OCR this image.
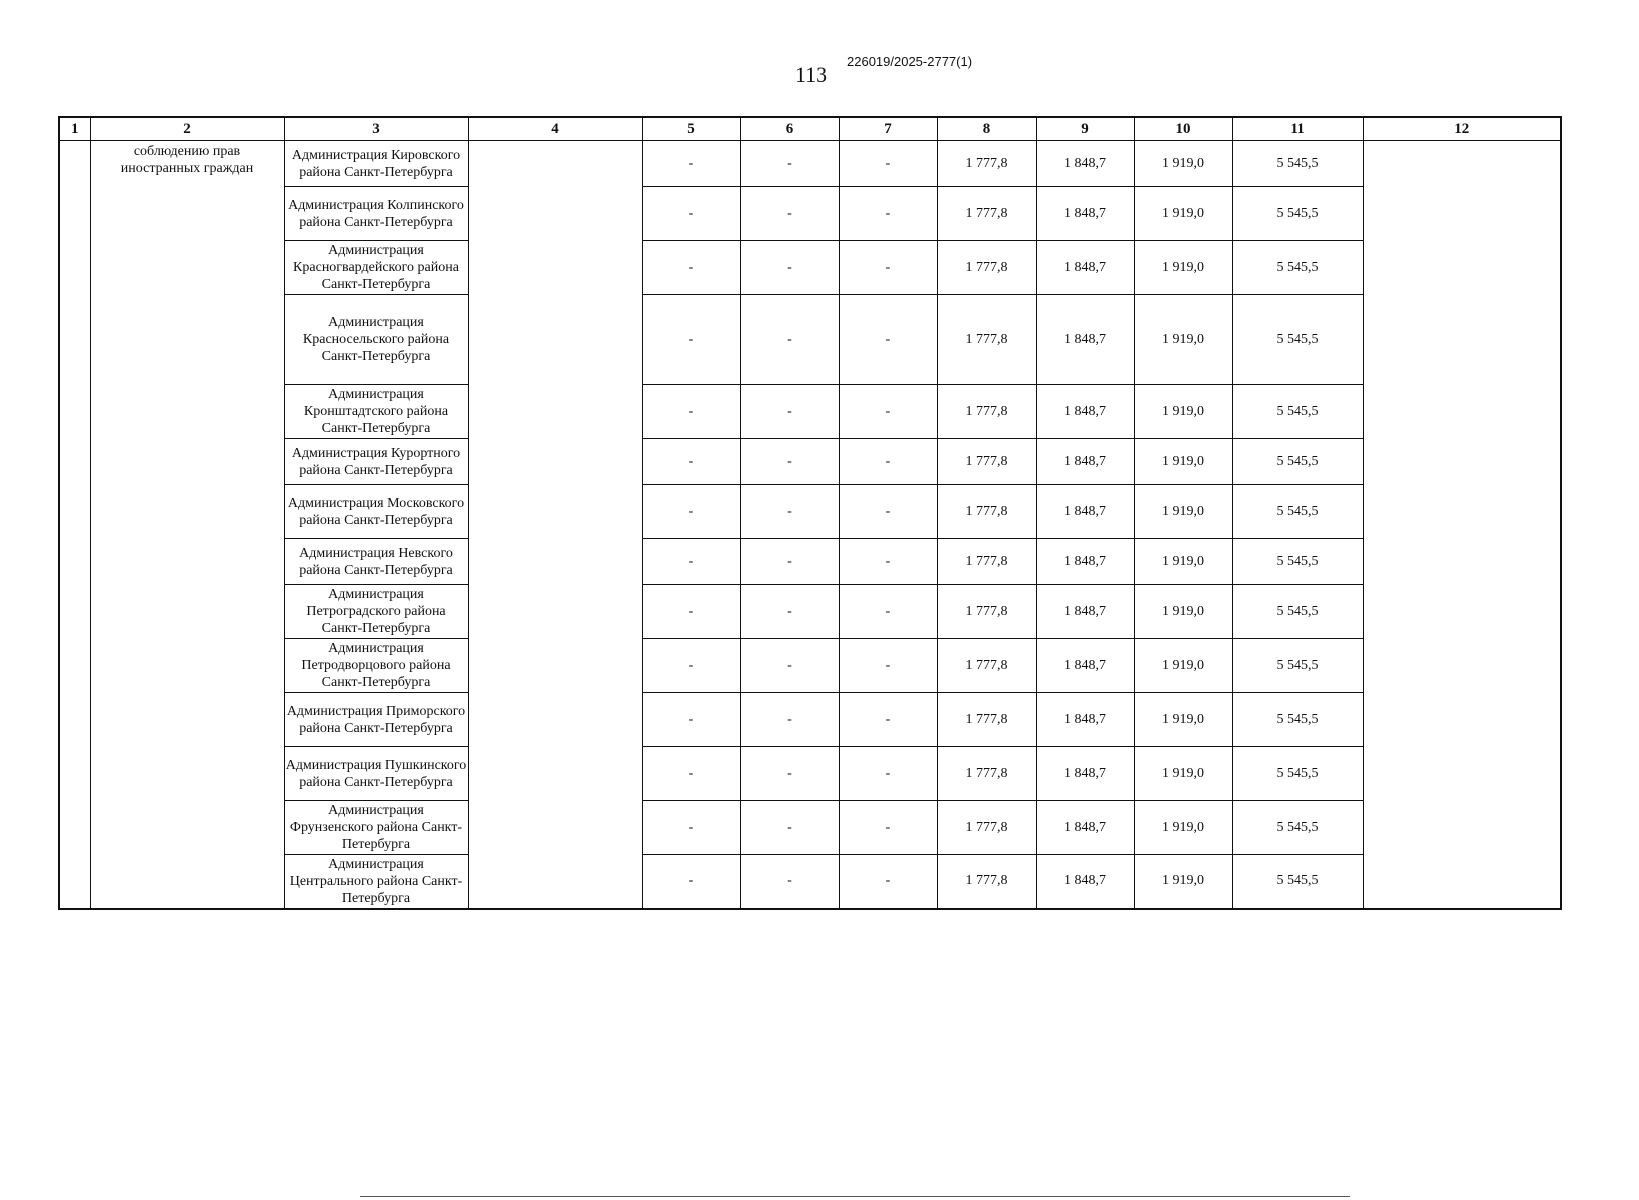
113
226019/2025-2777(1)
1	2	3	4	5	6	7	8	9	10	11	12
	соблюдению прав иностранных граждан	Администрация Кировского района Санкт-Петербурга		-	-	-	1 777,8	1 848,7	1 919,0	5 545,5	
		Администрация Колпинского района Санкт-Петербурга		-	-	-	1 777,8	1 848,7	1 919,0	5 545,5	
		Администрация Красногвардейского района Санкт-Петербурга		-	-	-	1 777,8	1 848,7	1 919,0	5 545,5	
		Администрация Красносельского района Санкт-Петербурга		-	-	-	1 777,8	1 848,7	1 919,0	5 545,5	
		Администрация Кронштадтского района Санкт-Петербурга		-	-	-	1 777,8	1 848,7	1 919,0	5 545,5	
		Администрация Курортного района Санкт-Петербурга		-	-	-	1 777,8	1 848,7	1 919,0	5 545,5	
		Администрация Московского района Санкт-Петербурга		-	-	-	1 777,8	1 848,7	1 919,0	5 545,5	
		Администрация Невского района Санкт-Петербурга		-	-	-	1 777,8	1 848,7	1 919,0	5 545,5	
		Администрация Петроградского района Санкт-Петербурга		-	-	-	1 777,8	1 848,7	1 919,0	5 545,5	
		Администрация Петродворцового района Санкт-Петербурга		-	-	-	1 777,8	1 848,7	1 919,0	5 545,5	
		Администрация Приморского района Санкт-Петербурга		-	-	-	1 777,8	1 848,7	1 919,0	5 545,5	
		Администрация Пушкинского района Санкт-Петербурга		-	-	-	1 777,8	1 848,7	1 919,0	5 545,5	
		Администрация Фрунзенского района Санкт-Петербурга		-	-	-	1 777,8	1 848,7	1 919,0	5 545,5	
		Администрация Центрального района Санкт-Петербурга		-	-	-	1 777,8	1 848,7	1 919,0	5 545,5	
